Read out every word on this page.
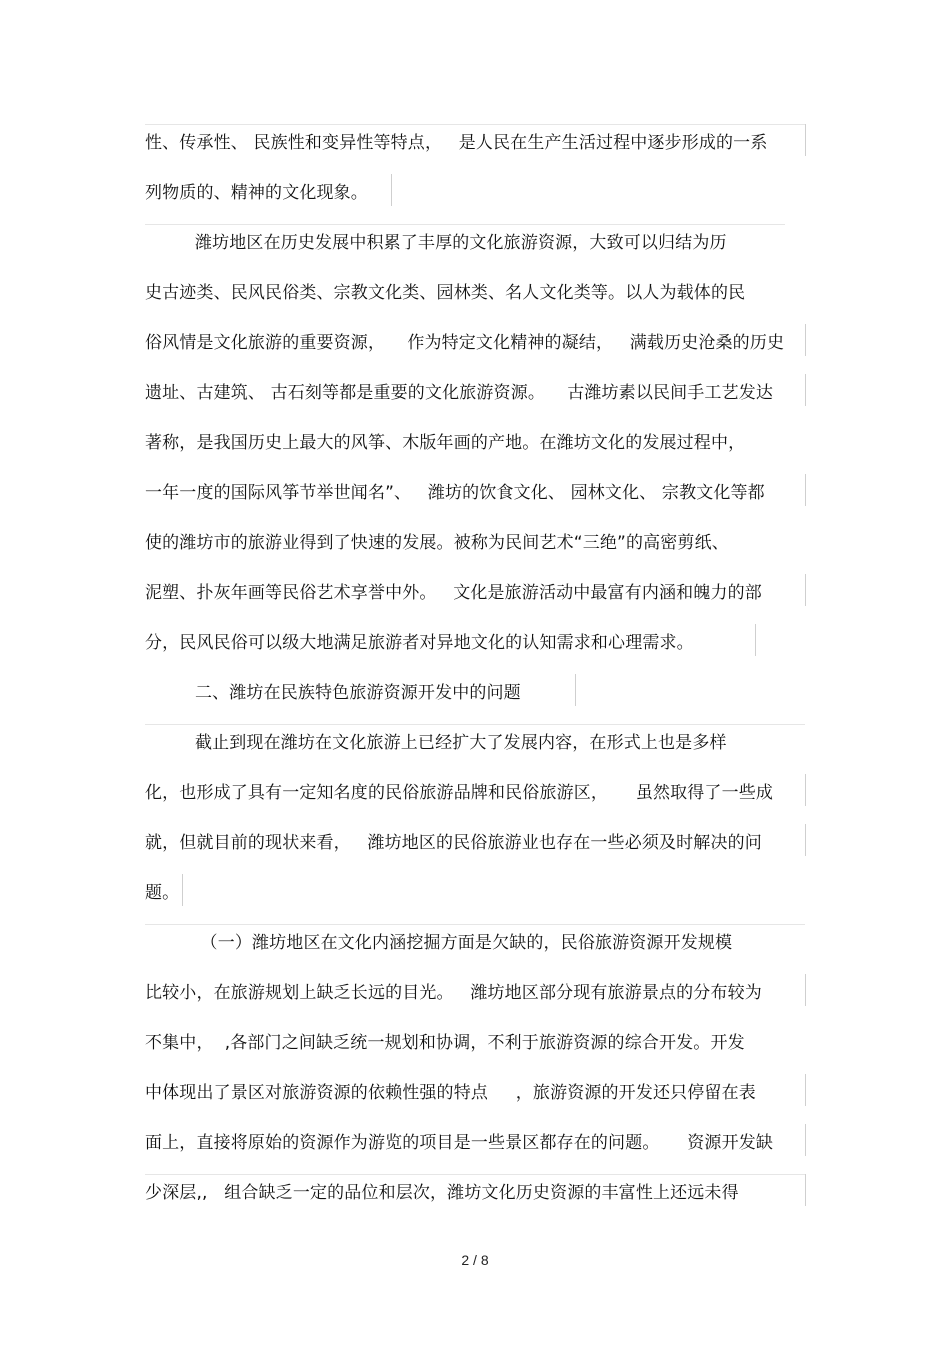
性、传承性、 民族性和变异性等特点，   是人民在生产生活过程中逐步形成的一系
列物质的、精神的文化现象。
潍坊地区在历史发展中积累了丰厚的文化旅游资源，大致可以归结为历
史古迹类、民风民俗类、宗教文化类、园林类、名人文化类等。以人为载体的民
俗风情是文化旅游的重要资源，    作为特定文化精神的凝结，   满载历史沧桑的历史
遗址、古建筑、 古石刻等都是重要的文化旅游资源。    古潍坊素以民间手工艺发达
著称，是我国历史上最大的风筝、木版年画的产地。在潍坊文化的发展过程中，
一年一度的国际风筝节举世闻名”、   潍坊的饮食文化、 园林文化、 宗教文化等都
使的潍坊市的旅游业得到了快速的发展。被称为民间艺术“三绝”的高密剪纸、
泥塑、扑灰年画等民俗艺术享誉中外。   文化是旅游活动中最富有内涵和魄力的部
分，民风民俗可以级大地满足旅游者对异地文化的认知需求和心理需求。
二、潍坊在民族特色旅游资源开发中的问题
截止到现在潍坊在文化旅游上已经扩大了发展内容，在形式上也是多样
化，也形成了具有一定知名度的民俗旅游品牌和民俗旅游区，     虽然取得了一些成
就，但就目前的现状来看，   潍坊地区的民俗旅游业也存在一些必须及时解决的问
题。
（一）潍坊地区在文化内涵挖掘方面是欠缺的，民俗旅游资源开发规模
比较小，在旅游规划上缺乏长远的目光。   潍坊地区部分现有旅游景点的分布较为
不集中，  ,各部门之间缺乏统一规划和协调，不利于旅游资源的综合开发。开发
中体现出了景区对旅游资源的依赖性强的特点     ，旅游资源的开发还只停留在表
面上，直接将原始的资源作为游览的项目是一些景区都存在的问题。     资源开发缺
少深层,,   组合缺乏一定的品位和层次，潍坊文化历史资源的丰富性上还远未得
2 / 8
